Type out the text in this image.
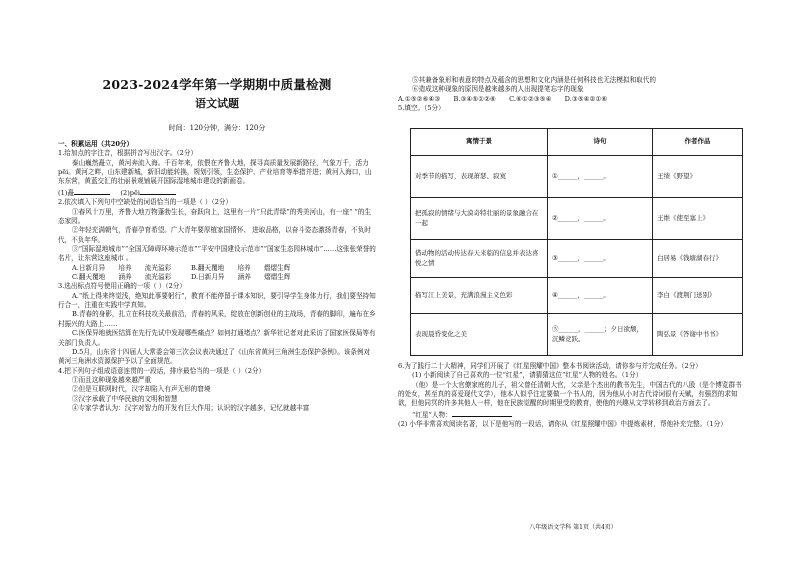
2023-2024学年第一学期期中质量检测
语文试题
时间：120分钟，满分：120分

一、积累运用（共20分）

1.给加点的字注音，根据拼音写出汉字。（2分）

泰山巍然矗立，黄河奔流入海。千百年来，依偎在齐鲁大地，探寻高质量发展新路径，气象万千，活力pēi。黄河之畔，山东建新城，新旧动能转换，规划引领，生态保护、产业培育等举措并进；黄河入海口，山东东营，黄蓝交汇的壮丽景观铺展开国际湿地城市建设的新画卷。

(1)矗	(2)pēi

2.依次填入下列句中空缺处的词语恰当的一项是（ ）（2分）

①春风十万里，齐鲁大地万物蓬勃生长，奋跃向上，这里有一片“只此青绿”的秀美河山，有一座“ ”的生态家园。

②年轻充满朝气，青春孕育希望。广大青年要厚植家国情怀、 进取品格，以奋斗姿态激扬青春，不负时代，不负年华。

③“国际湿地城市”“全国无障碍环境示范市”“平安中国建设示范市”“国家生态园林城市”……这张张荣誉的名片，让东营这座城市 。

A.日新月异　　培养　　流光溢彩　　　	B.翻天覆地　　培养　　熠熠生辉

C.翻天覆地　　涵养　　流光溢彩　　　	D.日新月异　　涵养　　熠熠生辉

3.选出标点符号使用正确的一项（ ）（2分）

A.“纸上得来终觉浅，绝知此事要躬行”，教育不能停留于课本知识，要引导学生身体力行，我们要坚持知行合一，注重在实践中学真知。

B.青春的身影，扎立在科技攻关最前沿，青春的风采，绽放在创新创业的主战场，青春的脚印，遍布在乡村振兴的大路上……

C.医保异地就医结算在先行先试中发现哪些痛点？如何打通堵点？新华社记者对此采访了国家医保局等有关部门负责人。

D.5月，山东省十四届人大常委会第三次会议表决通过了《山东省黄河三角洲生态保护条例》。该条例对黄河三角洲水资源保护予以了全面规范。

4.把下列句子组成语意连贯的一段话，排序最恰当的一项是（ ）（2分）

①而且这种现象越来越严重

②但是互联网时代，汉字却陷入有声无形的窘境

③汉字承载了中华民族的文明和智慧

④专家学者认为：汉字对智力的开发有巨大作用；认识的汉字越多，记忆就越丰富

⑤其兼备象形和表意的特点及蕴含的思想和文化内涵是任何科技也无法模拟和取代的

⑥造成这种现象的原因是越来越多的人出现提笔忘字的现象

A.①⑤②⑥④③　　B.③④⑤①②⑥　　C.⑥①②③⑤④　　D.③⑤④②①⑥

5.填空。（5分）

寓情于景	诗句	作者作品
对季节的描写，表现萧瑟、寂寞	①______，______。	王绩《野望》
把孤寂的情绪与大漠奇特壮丽的景象融合在一起	②______，______。	王维《使至塞上》
借动物的活动传达春天来临的信息并表达喜悦之情	③______，______。	白居易《钱塘湖春行》
描写江上美景，充满浪漫主义色彩	④______，______。	李白《渡荆门送别》
表现晨昏变化之美	⑤______，______；夕日欲颓，沉鳞竞跃。	陶弘景《答谢中书书》

6.为了践行二十大精神，同学们开展了《红星照耀中国》整本书阅读活动，请你参与并完成任务。（2分）

(1) 小新阅读了自己喜欢的一位“红星”，请猜猜这位“红星”人物的姓名。（1分）

（他）是一个大官僚家庭的儿子，祖父曾任清朝大官，父亲是个杰出的教书先生，中国古代的八股（是个博览群书的处女，甚至真的喜爱现代文学），他本人似乎注定要做一个书人的，因为他从小对古代诗词很有天赋，有强烈的求知欲，但他同冥的许多其他人一样，他在民族觉醒的时期里受的教育，使他的兴趣从文学转移到政治方面去了。

“红星”人物：

(2) 小华非常喜欢阅读名著，以下是他写的一段话，请你从《红星照耀中国》中提炼素材，帮他补充完整。（1分）

八年级语文学科 第1页（共4页）
